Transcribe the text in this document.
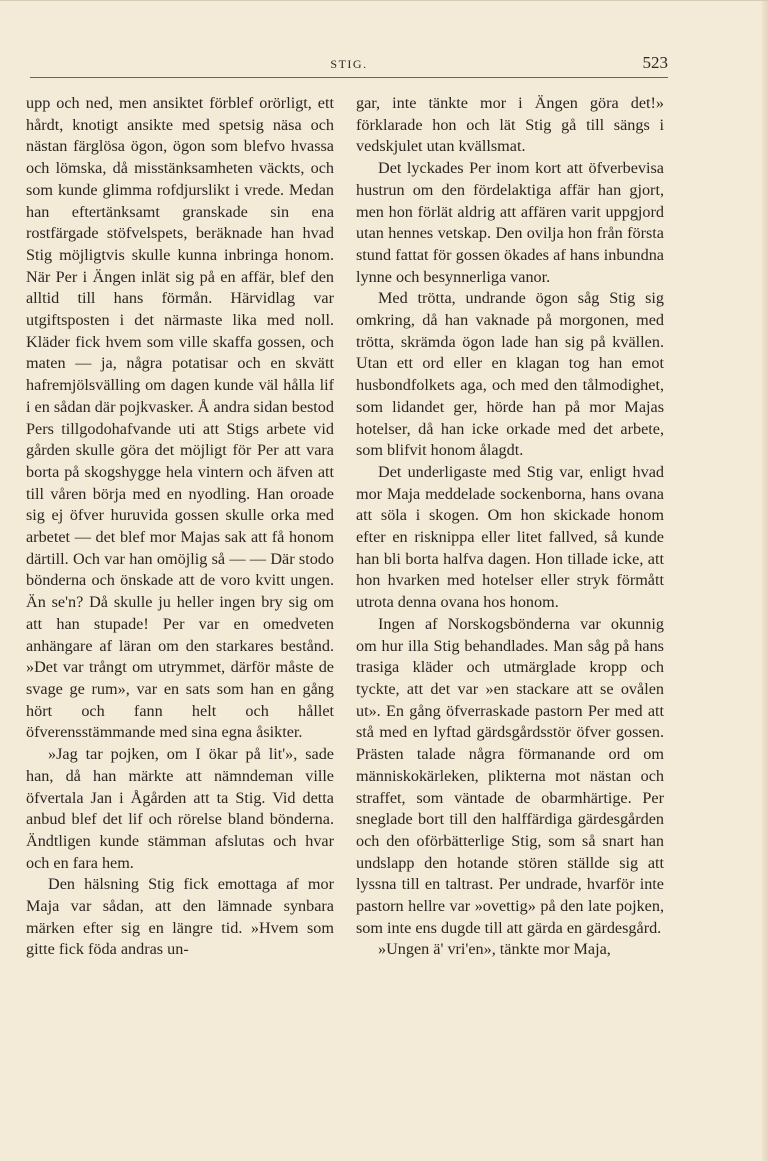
STIG.	523

upp och ned, men ansiktet förblef orörligt, ett hårdt, knotigt ansikte med spetsig näsa och nästan färglösa ögon, ögon som blefvo hvassa och lömska, då misstänksamheten väckts, och som kunde glimma rofdjurslikt i vrede. Medan han eftertänksamt granskade sin ena rostfärgade stöfvelspets, beräknade han hvad Stig möjligtvis skulle kunna inbringa honom. När Per i Ängen inlät sig på en affär, blef den alltid till hans förmån. Härvidlag var utgiftsposten i det närmaste lika med noll. Kläder fick hvem som ville skaffa gossen, och maten — ja, några potatisar och en skvätt hafremjölsvälling om dagen kunde väl hålla lif i en sådan där pojkvasker. Å andra sidan bestod Pers tillgodohafvande uti att Stigs arbete vid gården skulle göra det möjligt för Per att vara borta på skogshygge hela vintern och äfven att till våren börja med en nyodling. Han oroade sig ej öfver huruvida gossen skulle orka med arbetet — det blef mor Majas sak att få honom därtill. Och var han omöjlig så — — Där stodo bönderna och önskade att de voro kvitt ungen. Än se'n? Då skulle ju heller ingen bry sig om att han stupade! Per var en omedveten anhängare af läran om den starkares bestånd. »Det var trångt om utrymmet, därför måste de svage ge rum», var en sats som han en gång hört och fann helt och hållet öfverensstämmande med sina egna åsikter.

»Jag tar pojken, om I ökar på lit'», sade han, då han märkte att nämndeman ville öfvertala Jan i Ågården att ta Stig. Vid detta anbud blef det lif och rörelse bland bönderna. Ändtligen kunde stämman afslutas och hvar och en fara hem.

Den hälsning Stig fick emottaga af mor Maja var sådan, att den lämnade synbara märken efter sig en längre tid. »Hvem som gitte fick föda andras un-

gar, inte tänkte mor i Ängen göra det!» förklarade hon och lät Stig gå till sängs i vedskjulet utan kvällsmat.

Det lyckades Per inom kort att öfverbevisa hustrun om den fördelaktiga affär han gjort, men hon förlät aldrig att affären varit uppgjord utan hennes vetskap. Den ovilja hon från första stund fattat för gossen ökades af hans inbundna lynne och besynnerliga vanor.

Med trötta, undrande ögon såg Stig sig omkring, då han vaknade på morgonen, med trötta, skrämda ögon lade han sig på kvällen. Utan ett ord eller en klagan tog han emot husbondfolkets aga, och med den tålmodighet, som lidandet ger, hörde han på mor Majas hotelser, då han icke orkade med det arbete, som blifvit honom ålagdt.

Det underligaste med Stig var, enligt hvad mor Maja meddelade sockenborna, hans ovana att söla i skogen. Om hon skickade honom efter en risknippa eller litet fallved, så kunde han bli borta halfva dagen. Hon tillade icke, att hon hvarken med hotelser eller stryk förmått utrota denna ovana hos honom.

Ingen af Norskogsbönderna var okunnig om hur illa Stig behandlades. Man såg på hans trasiga kläder och utmärglade kropp och tyckte, att det var »en stackare att se ovålen ut». En gång öfverraskade pastorn Per med att stå med en lyftad gärdsgårdsstör öfver gossen. Prästen talade några förmanande ord om människokärleken, plikterna mot nästan och straffet, som väntade de obarmhärtige. Per sneglade bort till den halffärdiga gärdesgården och den oförbätterlige Stig, som så snart han undslapp den hotande stören ställde sig att lyssna till en taltrast. Per undrade, hvarför inte pastorn hellre var »ovettig» på den late pojken, som inte ens dugde till att gärda en gärdesgård.

»Ungen ä' vri'en», tänkte mor Maja,
